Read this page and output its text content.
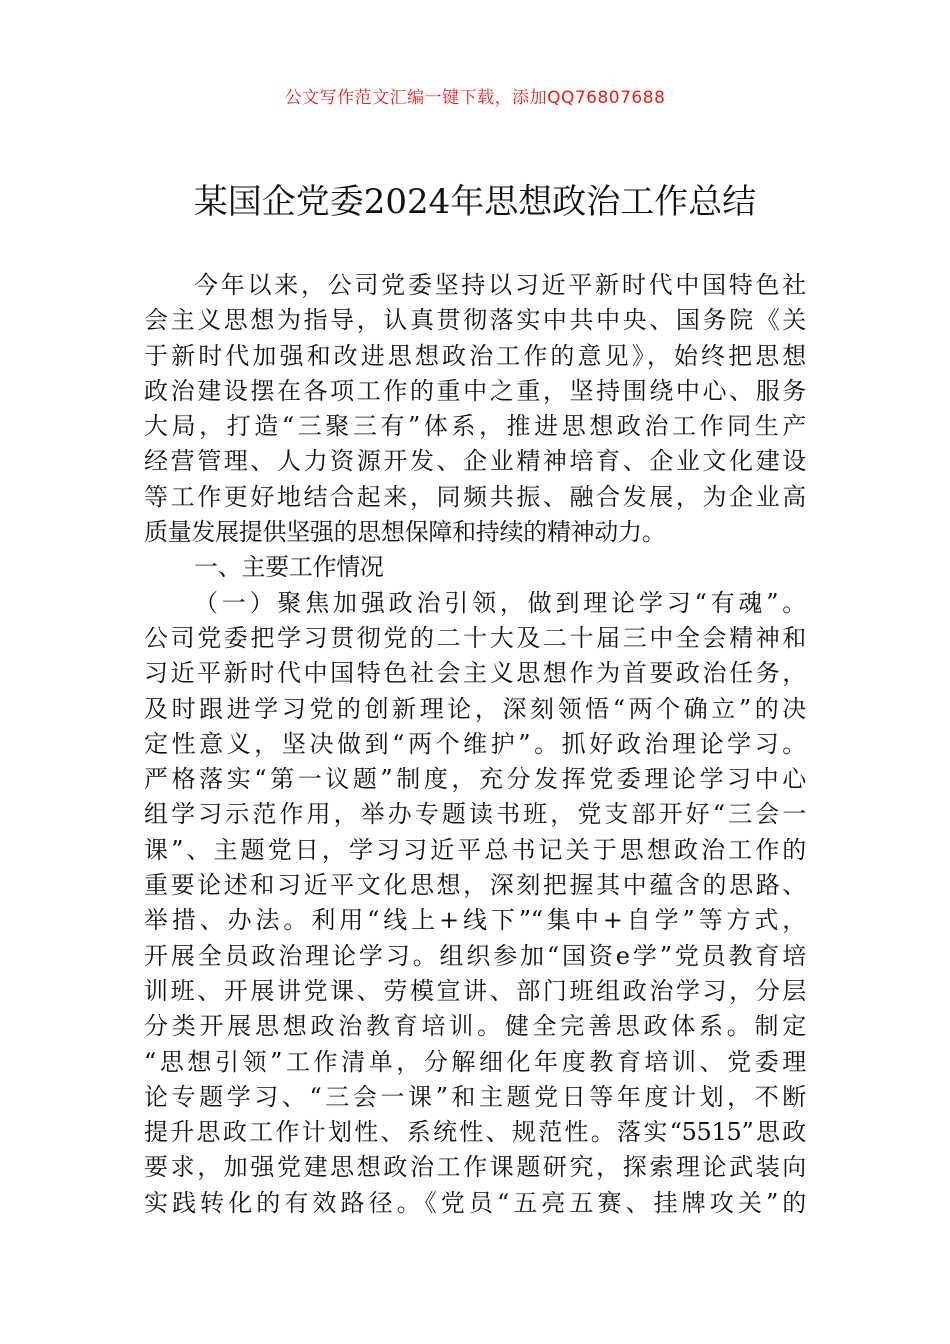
公文写作范文汇编一键下载，添加QQ76807688
某国企党委2024年思想政治工作总结
今年以来，公司党委坚持以习近平新时代中国特色社
会主义思想为指导，认真贯彻落实中共中央、国务院《关
于新时代加强和改进思想政治工作的意见》，始终把思想
政治建设摆在各项工作的重中之重，坚持围绕中心、服务
大局，打造“三聚三有”体系，推进思想政治工作同生产
经营管理、人力资源开发、企业精神培育、企业文化建设
等工作更好地结合起来，同频共振、融合发展，为企业高
质量发展提供坚强的思想保障和持续的精神动力。
一、主要工作情况
（一）聚焦加强政治引领，做到理论学习“有魂”。
公司党委把学习贯彻党的二十大及二十届三中全会精神和
习近平新时代中国特色社会主义思想作为首要政治任务，
及时跟进学习党的创新理论，深刻领悟“两个确立”的决
定性意义，坚决做到“两个维护”。抓好政治理论学习。
严格落实“第一议题”制度，充分发挥党委理论学习中心
组学习示范作用，举办专题读书班，党支部开好“三会一
课”、主题党日，学习习近平总书记关于思想政治工作的
重要论述和习近平文化思想，深刻把握其中蕴含的思路、
举措、办法。利用“线上+线下”“集中+自学”等方式，
开展全员政治理论学习。组织参加“国资e学”党员教育培
训班、开展讲党课、劳模宣讲、部门班组政治学习，分层
分类开展思想政治教育培训。健全完善思政体系。制定
“思想引领”工作清单，分解细化年度教育培训、党委理
论专题学习、“三会一课”和主题党日等年度计划，不断
提升思政工作计划性、系统性、规范性。落实“5515”思政
要求，加强党建思想政治工作课题研究，探索理论武装向
实践转化的有效路径。《党员“五亮五赛、挂牌攻关”的
